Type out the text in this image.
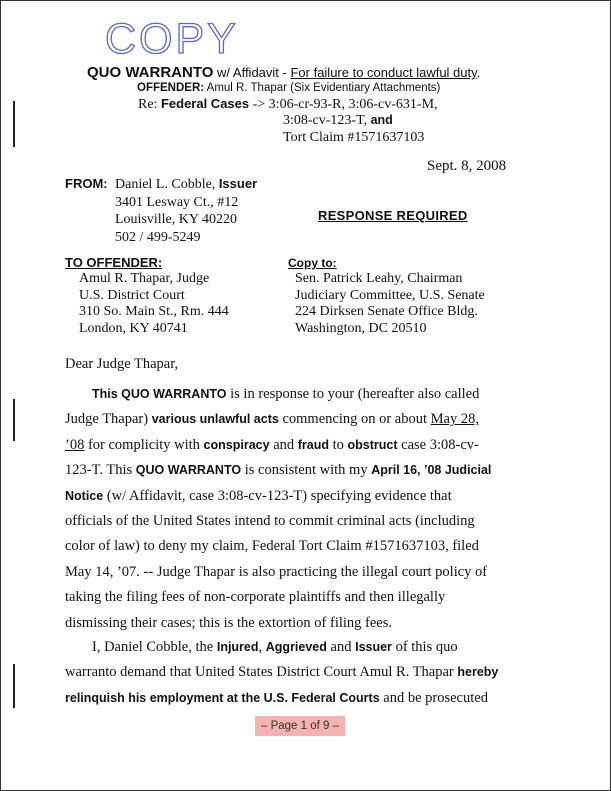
COPY
QUO WARRANTO w/ Affidavit - For failure to conduct lawful duty.
OFFENDER: Amul R. Thapar (Six Evidentiary Attachments)
Re: Federal Cases -> 3:06-cr-93-R, 3:06-cv-631-M,
3:08-cv-123-T, and
Tort Claim #1571637103
Sept. 8, 2008
FROM: Daniel L. Cobble, Issuer
3401 Lesway Ct., #12
Louisville, KY 40220
502 / 499-5249
RESPONSE REQUIRED
TO OFFENDER:
Amul R. Thapar, Judge
U.S. District Court
310 So. Main St., Rm. 444
London, KY 40741
Copy to:
Sen. Patrick Leahy, Chairman
Judiciary Committee, U.S. Senate
224 Dirksen Senate Office Bldg.
Washington, DC 20510
Dear Judge Thapar,
This QUO WARRANTO is in response to your (hereafter also called
Judge Thapar) various unlawful acts commencing on or about May 28,
’08 for complicity with conspiracy and fraud to obstruct case 3:08-cv-
123-T. This QUO WARRANTO is consistent with my April 16, ’08 Judicial
Notice (w/ Affidavit, case 3:08-cv-123-T) specifying evidence that
officials of the United States intend to commit criminal acts (including
color of law) to deny my claim, Federal Tort Claim #1571637103, filed
May 14, ’07. -- Judge Thapar is also practicing the illegal court policy of
taking the filing fees of non-corporate plaintiffs and then illegally
dismissing their cases; this is the extortion of filing fees.
I, Daniel Cobble, the Injured, Aggrieved and Issuer of this quo
warranto demand that United States District Court Amul R. Thapar hereby
relinquish his employment at the U.S. Federal Courts and be prosecuted
– Page 1 of 9 –
